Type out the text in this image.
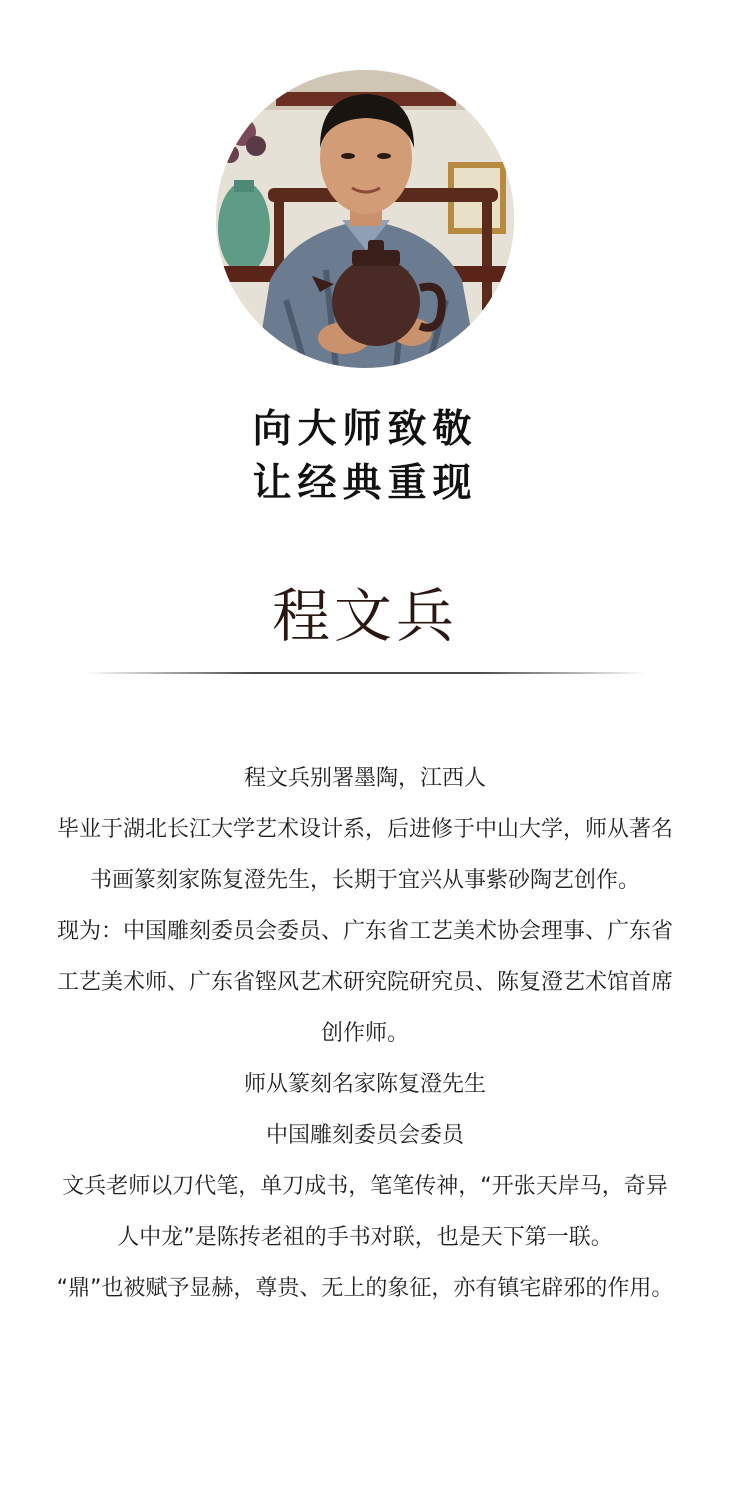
向大师致敬
让经典重现
程文兵

程文兵别署墨陶，江西人

毕业于湖北长江大学艺术设计系，后进修于中山大学，师从著名书画篆刻家陈复澄先生，长期于宜兴从事紫砂陶艺创作。

现为：中国雕刻委员会委员、广东省工艺美术协会理事、广东省工艺美术师、广东省铿风艺术研究院研究员、陈复澄艺术馆首席创作师。

师从篆刻名家陈复澄先生

中国雕刻委员会委员

文兵老师以刀代笔，单刀成书，笔笔传神，“开张天岸马，奇异人中龙”是陈抟老祖的手书对联，也是天下第一联。

“鼎”也被赋予显赫，尊贵、无上的象征，亦有镇宅辟邪的作用。
